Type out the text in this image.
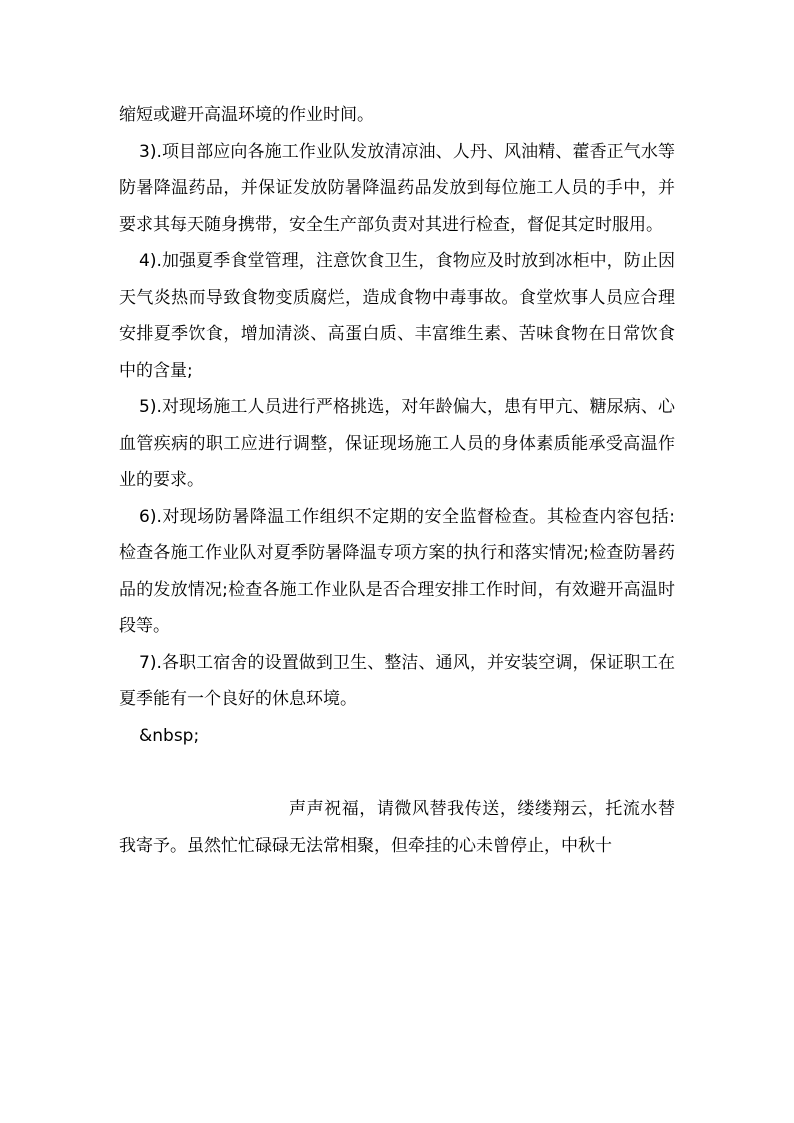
缩短或避开高温环境的作业时间。

3).项目部应向各施工作业队发放清凉油、人丹、风油精、藿香正气水等防暑降温药品，并保证发放防暑降温药品发放到每位施工人员的手中，并要求其每天随身携带，安全生产部负责对其进行检查，督促其定时服用。

4).加强夏季食堂管理，注意饮食卫生，食物应及时放到冰柜中，防止因天气炎热而导致食物变质腐烂，造成食物中毒事故。食堂炊事人员应合理安排夏季饮食，增加清淡、高蛋白质、丰富维生素、苦味食物在日常饮食中的含量;

5).对现场施工人员进行严格挑选，对年龄偏大，患有甲亢、糖尿病、心血管疾病的职工应进行调整，保证现场施工人员的身体素质能承受高温作业的要求。

6).对现场防暑降温工作组织不定期的安全监督检查。其检查内容包括:检查各施工作业队对夏季防暑降温专项方案的执行和落实情况;检查防暑药品的发放情况;检查各施工作业队是否合理安排工作时间，有效避开高温时段等。

7).各职工宿舍的设置做到卫生、整洁、通风，并安装空调，保证职工在夏季能有一个良好的休息环境。

&nbsp;

声声祝福，请微风替我传送，缕缕翔云，托流水替我寄予。虽然忙忙碌碌无法常相聚，但牵挂的心未曾停止，中秋十
